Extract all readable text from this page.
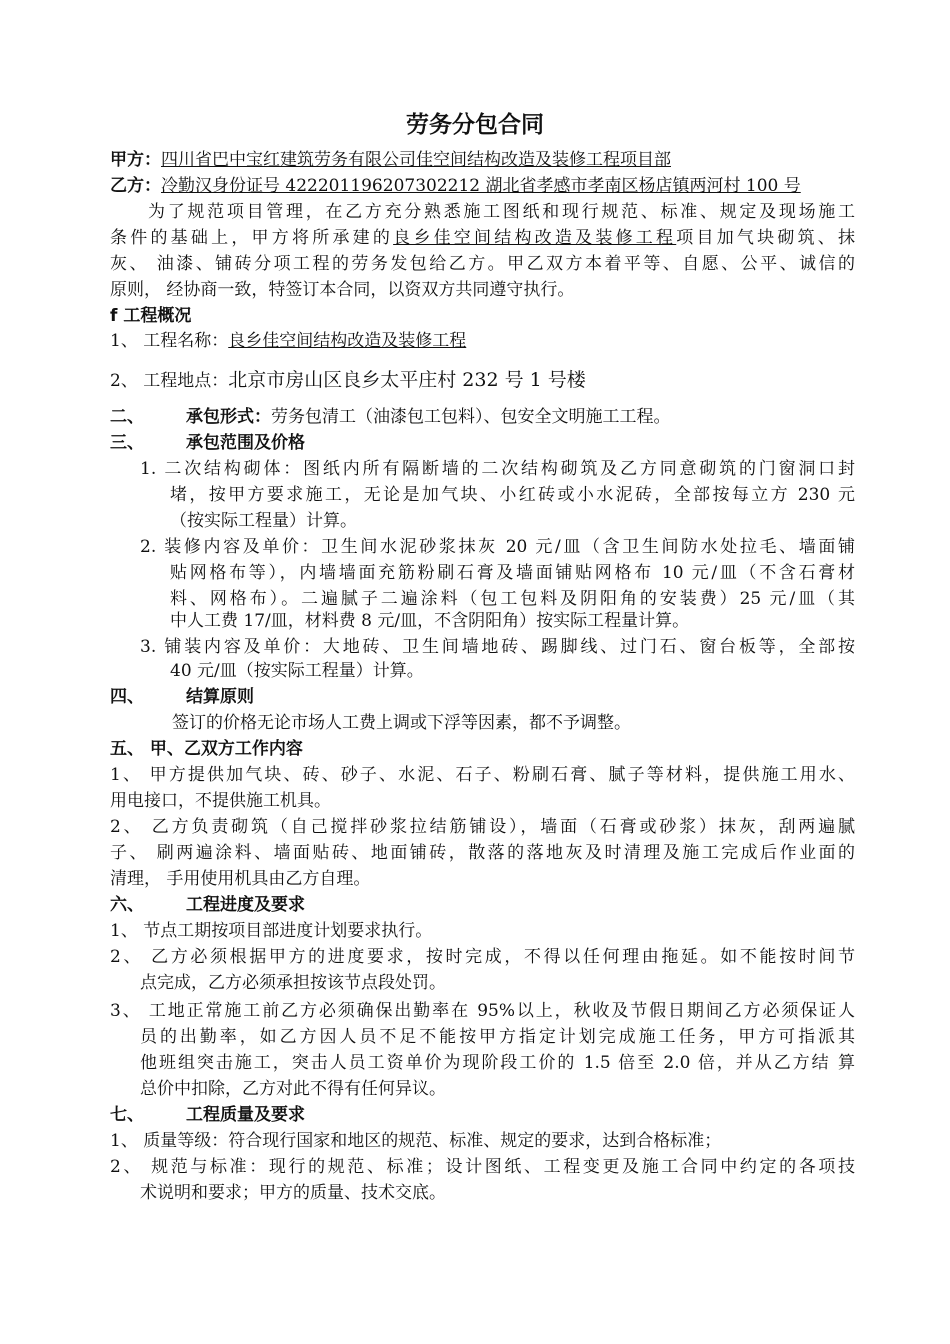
劳务分包合同
甲方：四川省巴中宝红建筑劳务有限公司佳空间结构改造及装修工程项目部
乙方：冷勤汉身份证号 422201196207302212 湖北省孝感市孝南区杨店镇两河村 100 号
为了规范项目管理，在乙方充分熟悉施工图纸和现行规范、标准、规定及现场施工
条件的基础上，甲方将所承建的良乡佳空间结构改造及装修工程项目加气块砌筑、抹
灰、 油漆、铺砖分项工程的劳务发包给乙方。甲乙双方本着平等、自愿、公平、诚信的
原则， 经协商一致，特签订本合同，以资双方共同遵守执行。
f 工程概况
1、 工程名称：良乡佳空间结构改造及装修工程
2、 工程地点：北京市房山区良乡太平庄村 232 号 1 号楼
二、 承包形式：劳务包清工（油漆包工包料）、包安全文明施工工程。
三、 承包范围及价格
1. 二次结构砌体：图纸内所有隔断墙的二次结构砌筑及乙方同意砌筑的门窗洞口封
堵，按甲方要求施工，无论是加气块、小红砖或小水泥砖，全部按每立方 230 元
（按实际工程量）计算。
2. 装修内容及单价：卫生间水泥砂浆抹灰 20 元/皿（含卫生间防水处拉毛、墙面铺
贴网格布等），内墙墙面充筋粉刷石膏及墙面铺贴网格布 10 元/皿（不含石膏材
料、网格布）。二遍腻子二遍涂料（包工包料及阴阳角的安装费）25 元/皿（其
中人工费 17/皿，材料费 8 元/皿，不含阴阳角）按实际工程量计算。
3. 铺装内容及单价：大地砖、卫生间墙地砖、踢脚线、过门石、窗台板等，全部按
40 元/皿（按实际工程量）计算。
四、 结算原则
签订的价格无论市场人工费上调或下浮等因素，都不予调整。
五、 甲、乙双方工作内容
1、 甲方提供加气块、砖、砂子、水泥、石子、粉刷石膏、腻子等材料，提供施工用水、
用电接口，不提供施工机具。
2、 乙方负责砌筑（自己搅拌砂浆拉结筋铺设），墙面（石膏或砂浆）抹灰，刮两遍腻
子、 刷两遍涂料、墙面贴砖、地面铺砖，散落的落地灰及时清理及施工完成后作业面的
清理， 手用使用机具由乙方自理。
六、 工程进度及要求
1、 节点工期按项目部进度计划要求执行。
2、 乙方必须根据甲方的进度要求，按时完成，不得以任何理由拖延。如不能按时间节
点完成，乙方必须承担按该节点段处罚。
3、 工地正常施工前乙方必须确保出勤率在 95%以上，秋收及节假日期间乙方必须保证人
员的出勤率，如乙方因人员不足不能按甲方指定计划完成施工任务，甲方可指派其
他班组突击施工，突击人员工资单价为现阶段工价的 1.5 倍至 2.0 倍，并从乙方结 算
总价中扣除，乙方对此不得有任何异议。
七、 工程质量及要求
1、 质量等级：符合现行国家和地区的规范、标准、规定的要求，达到合格标准；
2、 规范与标准：现行的规范、标准；设计图纸、工程变更及施工合同中约定的各项技
术说明和要求；甲方的质量、技术交底。
